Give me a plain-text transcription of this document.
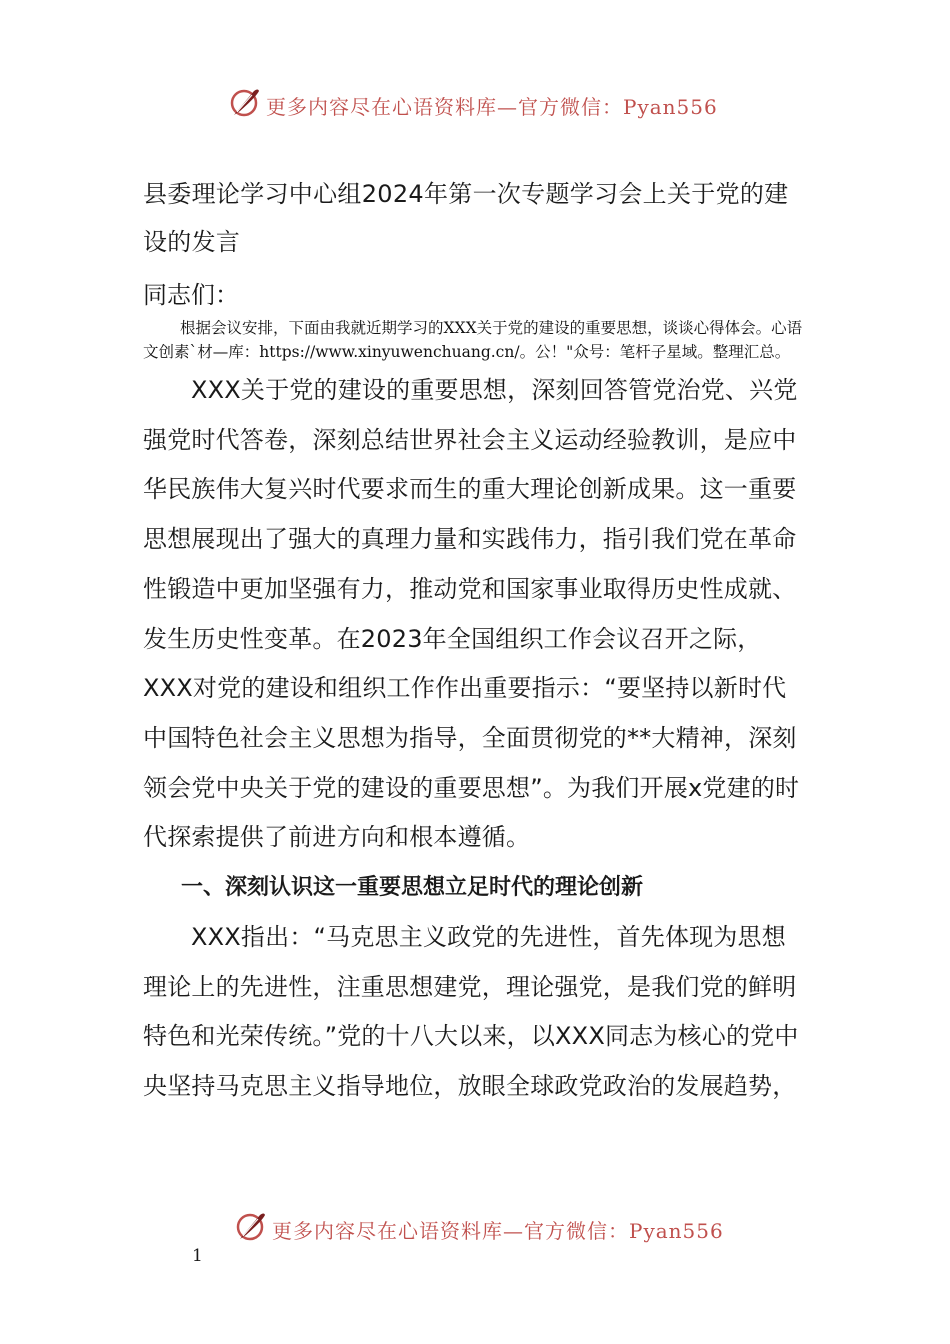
更多内容尽在心语资料库—官方微信：Pyan556
县委理论学习中心组2024年第一次专题学习会上关于党的建设的发言

同志们：

根据会议安排，下面由我就近期学习的XXX关于党的建设的重要思想，谈谈心得体会。心语文创素`材—库：https://www.xinyuwenchuang.cn/。公！"众号：笔杆子星域。整理汇总。

XXX关于党的建设的重要思想，深刻回答管党治党、兴党强党时代答卷，深刻总结世界社会主义运动经验教训，是应中华民族伟大复兴时代要求而生的重大理论创新成果。这一重要思想展现出了强大的真理力量和实践伟力，指引我们党在革命性锻造中更加坚强有力，推动党和国家事业取得历史性成就、发生历史性变革。在2023年全国组织工作会议召开之际，XXX对党的建设和组织工作作出重要指示：“要坚持以新时代中国特色社会主义思想为指导，全面贯彻党的**大精神，深刻领会党中央关于党的建设的重要思想”。为我们开展x党建的时代探索提供了前进方向和根本遵循。

一、深刻认识这一重要思想立足时代的理论创新

XXX指出：“马克思主义政党的先进性，首先体现为思想理论上的先进性，注重思想建党，理论强党，是我们党的鲜明特色和光荣传统。”党的十八大以来，以XXX同志为核心的党中央坚持马克思主义指导地位，放眼全球政党政治的发展趋势，

更多内容尽在心语资料库—官方微信：Pyan556
1
